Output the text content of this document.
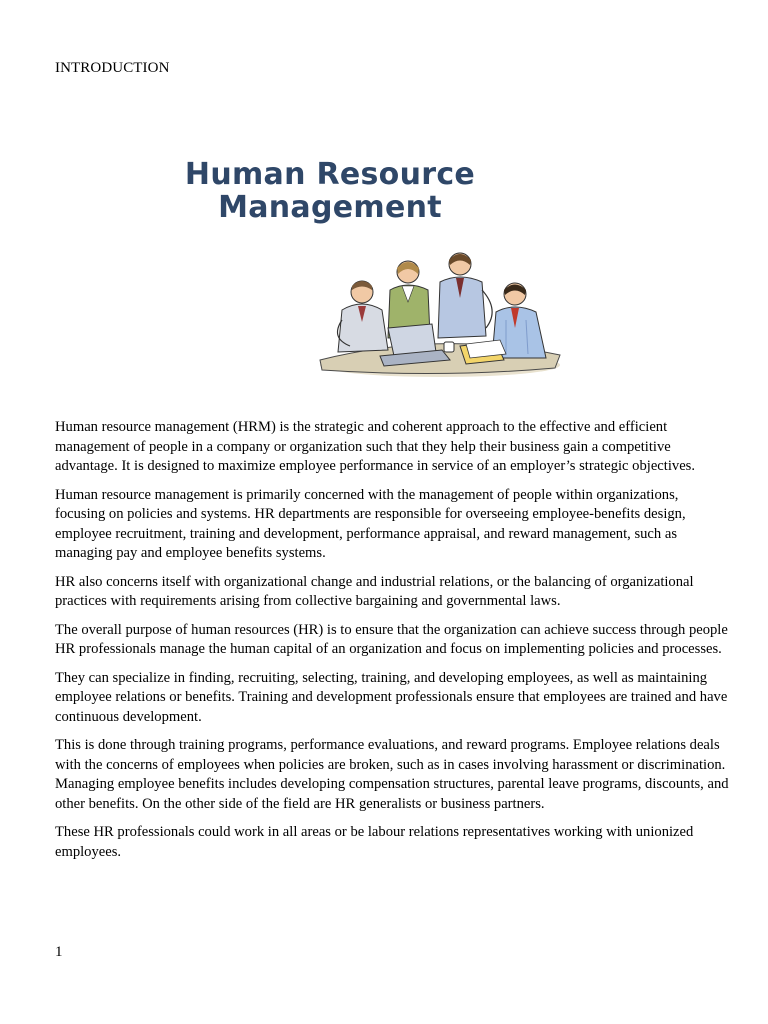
INTRODUCTION
Human Resource
Management

Human resource management (HRM) is the strategic and coherent approach to the effective and efficient management of people in a company or organization such that they help their business gain a competitive advantage. It is designed to maximize employee performance in service of an employer’s strategic objectives.

Human resource management is primarily concerned with the management of people within organizations, focusing on policies and systems. HR departments are responsible for overseeing employee-benefits design, employee recruitment, training and development, performance appraisal, and reward management, such as managing pay and employee benefits systems.

HR also concerns itself with organizational change and industrial relations, or the balancing of organizational practices with requirements arising from collective bargaining and governmental laws.

The overall purpose of human resources (HR) is to ensure that the organization can achieve success through people HR professionals manage the human capital of an organization and focus on implementing policies and processes.

They can specialize in finding, recruiting, selecting, training, and developing employees, as well as maintaining employee relations or benefits. Training and development professionals ensure that employees are trained and have continuous development.

This is done through training programs, performance evaluations, and reward programs. Employee relations deals with the concerns of employees when policies are broken, such as in cases involving harassment or discrimination. Managing employee benefits includes developing compensation structures, parental leave programs, discounts, and other benefits. On the other side of the field are HR generalists or business partners.

These HR professionals could work in all areas or be labour relations representatives working with unionized employees.

1
